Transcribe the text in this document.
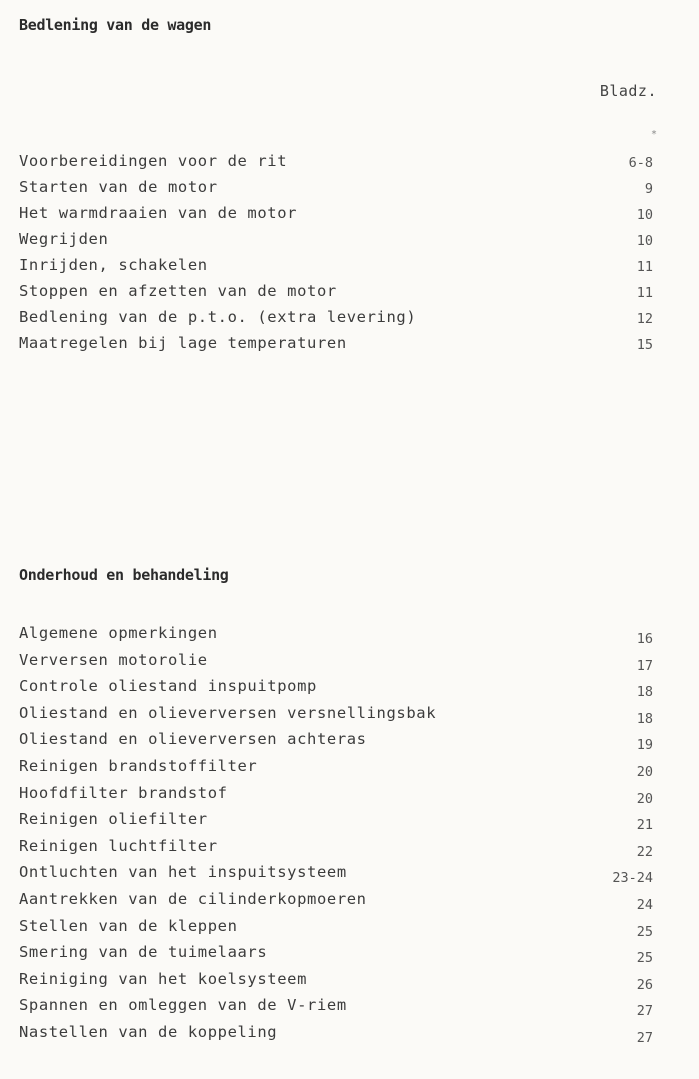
Bedlening van de wagen
Bladz.
*
Voorbereidingen voor de rit	6-8
Starten van de motor	9
Het warmdraaien van de motor	10
Wegrijden	10
Inrijden, schakelen	11
Stoppen en afzetten van de motor	11
Bedlening van de p.t.o. (extra levering)	12
Maatregelen bij lage temperaturen	15
Onderhoud en behandeling
Algemene opmerkingen	16
Verversen motorolie	17
Controle oliestand inspuitpomp	18
Oliestand en olieverversen versnellingsbak	18
Oliestand en olieverversen achteras	19
Reinigen brandstoffilter	20
Hoofdfilter brandstof	20
Reinigen oliefilter	21
Reinigen luchtfilter	22
Ontluchten van het inspuitsysteem	23-24
Aantrekken van de cilinderkopmoeren	24
Stellen van de kleppen	25
Smering van de tuimelaars	25
Reiniging van het koelsysteem	26
Spannen en omleggen van de V-riem	27
Nastellen van de koppeling	27
